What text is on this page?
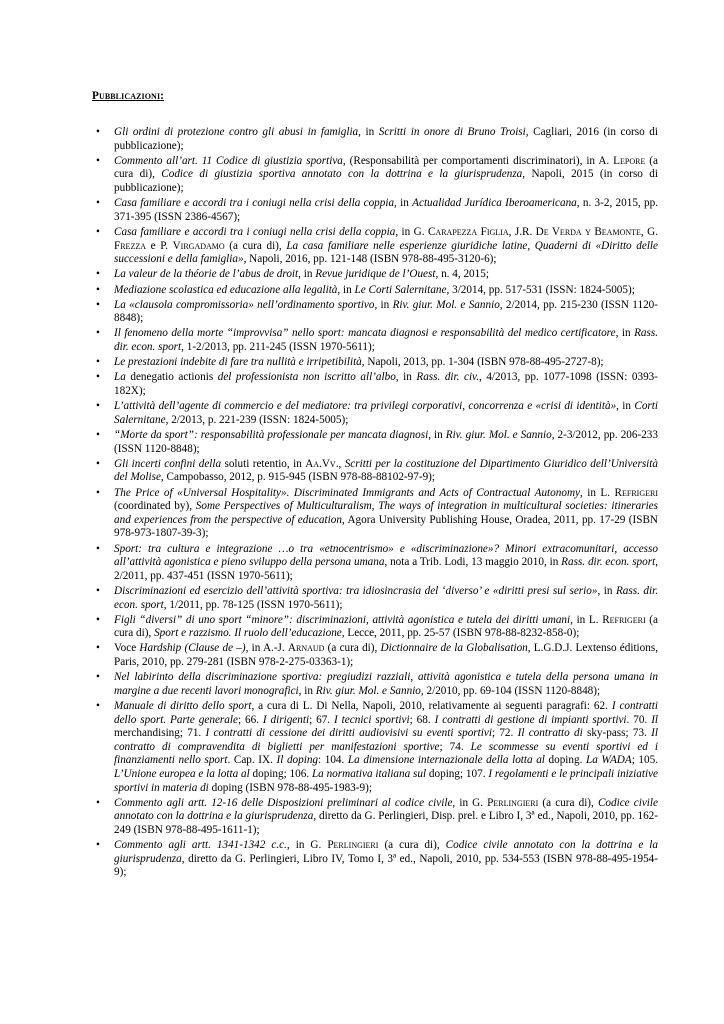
Pubblicazioni:
•	Gli ordini di protezione contro gli abusi in famiglia, in Scritti in onore di Bruno Troisi, Cagliari, 2016 (in corso di pubblicazione);
•	Commento all’art. 11 Codice di giustizia sportiva, (Responsabilità per comportamenti discriminatori), in A. Lepore (a cura di), Codice di giustizia sportiva annotato con la dottrina e la giurisprudenza, Napoli, 2015 (in corso di pubblicazione);
•	Casa familiare e accordi tra i coniugi nella crisi della coppia, in Actualidad Jurídica Iberoamericana, n. 3-2, 2015, pp. 371-395 (ISSN 2386-4567);
•	Casa familiare e accordi tra i coniugi nella crisi della coppia, in G. Carapezza Figlia, J.R. De Verda y Beamonte, G. Frezza e P. Virgadamo (a cura di), La casa familiare nelle esperienze giuridiche latine, Quaderni di «Diritto delle successioni e della famiglia», Napoli, 2016, pp. 121-148 (ISBN 978-88-495-3120-6);
•	La valeur de la théorie de l’abus de droit, in Revue juridique de l’Ouest, n. 4, 2015;
•	Mediazione scolastica ed educazione alla legalità, in Le Corti Salernitane, 3/2014, pp. 517-531 (ISSN: 1824-5005);
•	La «clausola compromissoria» nell’ordinamento sportivo, in Riv. giur. Mol. e Sannio, 2/2014, pp. 215-230 (ISSN 1120-8848);
•	Il fenomeno della morte “improvvisa” nello sport: mancata diagnosi e responsabilità del medico certificatore, in Rass. dir. econ. sport, 1-2/2013, pp. 211-245 (ISSN 1970-5611);
•	Le prestazioni indebite di fare tra nullità e irripetibilità, Napoli, 2013, pp. 1-304 (ISBN 978-88-495-2727-8);
•	La denegatio actionis del professionista non iscritto all’albo, in Rass. dir. civ., 4/2013, pp. 1077-1098 (ISSN: 0393-182X);
•	L’attività dell’agente di commercio e del mediatore: tra privilegi corporativi, concorrenza e «crisi di identità», in Corti Salernitane, 2/2013, p. 221-239 (ISSN: 1824-5005);
•	“Morte da sport”: responsabilità professionale per mancata diagnosi, in Riv. giur. Mol. e Sannio, 2-3/2012, pp. 206-233 (ISSN 1120-8848);
•	Gli incerti confini della soluti retentio, in Aa.Vv., Scritti per la costituzione del Dipartimento Giuridico dell’Università del Molise, Campobasso, 2012, p. 915-945 (ISBN 978-88-88102-97-9);
•	The Price of «Universal Hospitality». Discriminated Immigrants and Acts of Contractual Autonomy, in L. Refrigeri (coordinated by), Some Perspectives of Multiculturalism, The ways of integration in multicultural societies: itineraries and experiences from the perspective of education, Agora University Publishing House, Oradea, 2011, pp. 17-29 (ISBN 978-973-1807-39-3);
•	Sport: tra cultura e integrazione …o tra «etnocentrismo» e «discriminazione»? Minori extracomunitari, accesso all’attività agonistica e pieno sviluppo della persona umana, nota a Trib. Lodi, 13 maggio 2010, in Rass. dir. econ. sport, 2/2011, pp. 437-451 (ISSN 1970-5611);
•	Discriminazioni ed esercizio dell’attività sportiva: tra idiosincrasia del ‘diverso’ e «diritti presi sul serio», in Rass. dir. econ. sport, 1/2011, pp. 78-125 (ISSN 1970-5611);
•	Figli “diversi” di uno sport “minore”: discriminazioni, attività agonistica e tutela dei diritti umani, in L. Refrigeri (a cura di), Sport e razzismo. Il ruolo dell’educazione, Lecce, 2011, pp. 25-57 (ISBN 978-88-8232-858-0);
•	Voce Hardship (Clause de –), in A.-J. Arnaud (a cura di), Dictionnaire de la Globalisation, L.G.D.J. Lextenso éditions, Paris, 2010, pp. 279-281 (ISBN 978-2-275-03363-1);
•	Nel labirinto della discriminazione sportiva: pregiudizi razziali, attività agonistica e tutela della persona umana in margine a due recenti lavori monografici, in Riv. giur. Mol. e Sannio, 2/2010, pp. 69-104 (ISSN 1120-8848);
•	Manuale di diritto dello sport, a cura di L. Di Nella, Napoli, 2010, relativamente ai seguenti paragrafi: 62. I contratti dello sport. Parte generale; 66. I dirigenti; 67. I tecnici sportivi; 68. I contratti di gestione di impianti sportivi. 70. Il merchandising; 71. I contratti di cessione dei diritti audiovisivi su eventi sportivi; 72. Il contratto di sky-pass; 73. Il contratto di compravendita di biglietti per manifestazioni sportive; 74. Le scommesse su eventi sportivi ed i finanziamenti nello sport. Cap. IX. Il doping: 104. La dimensione internazionale della lotta al doping. La WADA; 105. L’Unione europea e la lotta al doping; 106. La normativa italiana sul doping; 107. I regolamenti e le principali iniziative sportivi in materia di doping (ISBN 978-88-495-1983-9);
•	Commento agli artt. 12-16 delle Disposizioni preliminari al codice civile, in G. Perlingieri (a cura di), Codice civile annotato con la dottrina e la giurisprudenza, diretto da G. Perlingieri, Disp. prel. e Libro I, 3ª ed., Napoli, 2010, pp. 162-249 (ISBN 978-88-495-1611-1);
•	Commento agli artt. 1341-1342 c.c., in G. Perlingieri (a cura di), Codice civile annotato con la dottrina e la giurisprudenza, diretto da G. Perlingieri, Libro IV, Tomo I, 3ª ed., Napoli, 2010, pp. 534-553 (ISBN 978-88-495-1954-9);
